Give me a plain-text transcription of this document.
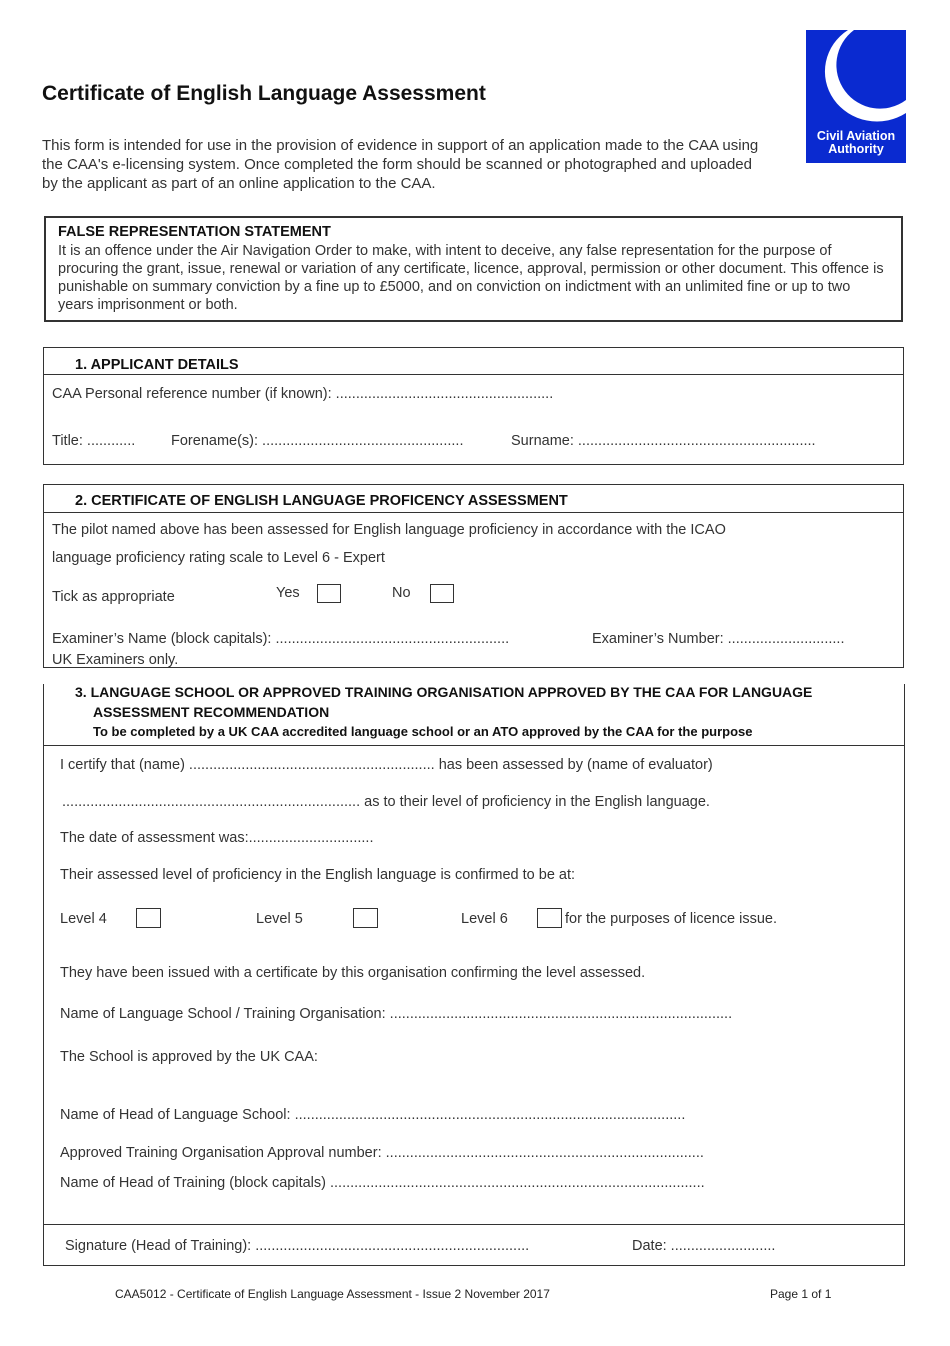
Certificate of English Language Assessment
This form is intended for use in the provision of evidence in support of an application made to the CAA using the CAA's e-licensing system. Once completed the form should be scanned or photographed and uploaded by the applicant as part of an online application to the CAA.
Civil Aviation
Authority
FALSE REPRESENTATION STATEMENT
It is an offence under the Air Navigation Order to make, with intent to deceive, any false representation for the purpose of procuring the grant, issue, renewal or variation of any certificate, licence, approval, permission or other document. This offence is punishable on summary conviction by a fine up to £5000, and on conviction on indictment with an unlimited fine or up to two years imprisonment or both.
1. APPLICANT DETAILS
CAA Personal reference number (if known): ......................................................
Title: ............ Forename(s): ..................................................	Surname: ...........................................................
2. CERTIFICATE OF ENGLISH LANGUAGE PROFICENCY ASSESSMENT
The pilot named above has been assessed for English language proficiency in accordance with the ICAO
language proficiency rating scale to Level 6 - Expert
Tick as appropriate	Yes	No
Examiner’s Name (block capitals): ..........................................................	Examiner’s Number: .............................
UK Examiners only.
3. LANGUAGE SCHOOL OR APPROVED TRAINING ORGANISATION APPROVED BY THE CAA FOR LANGUAGE
ASSESSMENT RECOMMENDATION
To be completed by a UK CAA accredited language school or an ATO approved by the CAA for the purpose
I certify that (name) ............................................................. has been assessed by (name of evaluator)
.......................................................................... as to their level of proficiency in the English language.
The date of assessment was:...............................
Their assessed level of proficiency in the English language is confirmed to be at:
Level 4	Level 5	Level 6	for the purposes of licence issue.
They have been issued with a certificate by this organisation confirming the level assessed.
Name of Language School / Training Organisation: .....................................................................................
The School is approved by the UK CAA:
Name of Head of Language School: .................................................................................................
Approved Training Organisation Approval number: ...............................................................................
Name of Head of Training (block capitals) .............................................................................................
Signature (Head of Training): ....................................................................	Date: ..........................
CAA5012 - Certificate of English Language Assessment - Issue 2 November 2017	Page 1 of 1
